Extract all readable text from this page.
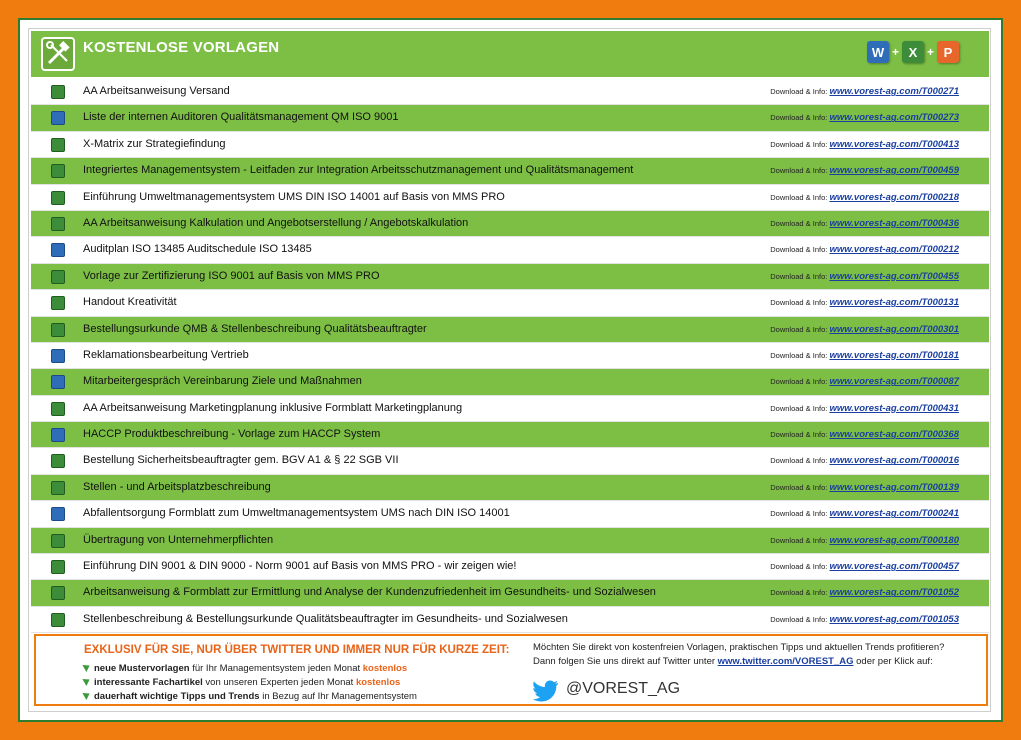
KOSTENLOSE VORLAGEN	W + X + P
AA Arbeitsanweisung Versand	Download & Info: www.vorest-ag.com/T000271
Liste der internen Auditoren Qualitätsmanagement QM ISO 9001	Download & Info: www.vorest-ag.com/T000273
X-Matrix zur Strategiefindung	Download & Info: www.vorest-ag.com/T000413
Integriertes Managementsystem - Leitfaden zur Integration Arbeitsschutzmanagement und Qualitätsmanagement	Download & Info: www.vorest-ag.com/T000459
Einführung Umweltmanagementsystem UMS DIN ISO 14001 auf Basis von MMS PRO	Download & Info: www.vorest-ag.com/T000218
AA Arbeitsanweisung Kalkulation und Angebotserstellung / Angebotskalkulation	Download & Info: www.vorest-ag.com/T000436
Auditplan ISO 13485 Auditschedule ISO 13485	Download & Info: www.vorest-ag.com/T000212
Vorlage zur Zertifizierung ISO 9001 auf Basis von MMS PRO	Download & Info: www.vorest-ag.com/T000455
Handout Kreativität	Download & Info: www.vorest-ag.com/T000131
Bestellungsurkunde QMB & Stellenbeschreibung Qualitätsbeauftragter	Download & Info: www.vorest-ag.com/T000301
Reklamationsbearbeitung Vertrieb	Download & Info: www.vorest-ag.com/T000181
Mitarbeitergespräch Vereinbarung Ziele und Maßnahmen	Download & Info: www.vorest-ag.com/T000087
AA Arbeitsanweisung Marketingplanung inklusive Formblatt Marketingplanung	Download & Info: www.vorest-ag.com/T000431
HACCP Produktbeschreibung - Vorlage zum HACCP System	Download & Info: www.vorest-ag.com/T000368
Bestellung Sicherheitsbeauftragter gem. BGV A1 & § 22 SGB VII	Download & Info: www.vorest-ag.com/T000016
Stellen - und Arbeitsplatzbeschreibung	Download & Info: www.vorest-ag.com/T000139
Abfallentsorgung Formblatt zum Umweltmanagementsystem UMS nach DIN ISO 14001	Download & Info: www.vorest-ag.com/T000241
Übertragung von Unternehmerpflichten	Download & Info: www.vorest-ag.com/T000180
Einführung DIN 9001 & DIN 9000 - Norm 9001 auf Basis von MMS PRO - wir zeigen wie!	Download & Info: www.vorest-ag.com/T000457
Arbeitsanweisung & Formblatt zur Ermittlung und Analyse der Kundenzufriedenheit im Gesundheits- und Sozialwesen	Download & Info: www.vorest-ag.com/T001052
Stellenbeschreibung & Bestellungsurkunde Qualitätsbeauftragter im Gesundheits- und Sozialwesen	Download & Info: www.vorest-ag.com/T001053
EXKLUSIV FÜR SIE, NUR ÜBER TWITTER UND IMMER NUR FÜR KURZE ZEIT:
neue Mustervorlagen für Ihr Managementsystem jeden Monat kostenlos
interessante Fachartikel von unseren Experten jeden Monat kostenlos
dauerhaft wichtige Tipps und Trends in Bezug auf Ihr Managementsystem
Möchten Sie direkt von kostenfreien Vorlagen, praktischen Tipps und aktuellen Trends profitieren?
Dann folgen Sie uns direkt auf Twitter unter www.twitter.com/VOREST_AG oder per Klick auf:
@VOREST_AG
